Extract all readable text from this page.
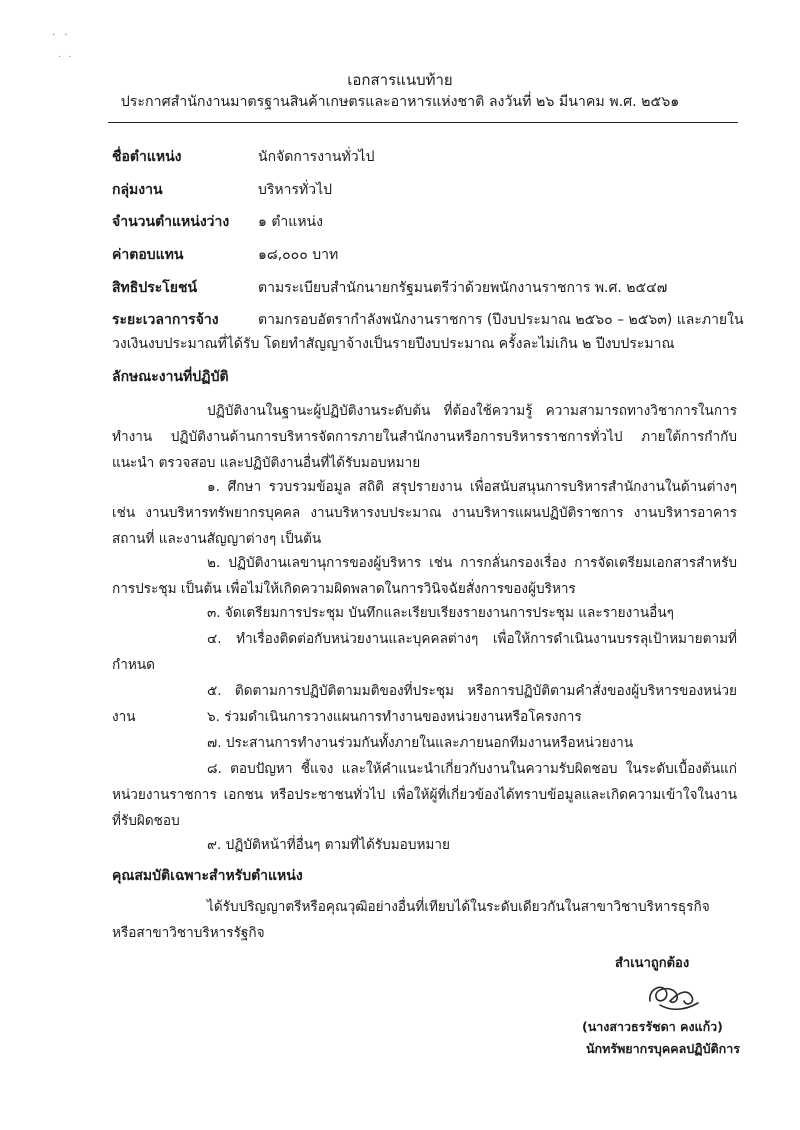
· ·
· ·
เอกสารแนบท้าย
ประกาศสำนักงานมาตรฐานสินค้าเกษตรและอาหารแห่งชาติ ลงวันที่ ๒๖ มีนาคม พ.ศ. ๒๕๖๑
ชื่อตำแหน่ง	นักจัดการงานทั่วไป
กลุ่มงาน	บริหารทั่วไป
จำนวนตำแหน่งว่าง ๑ ตำแหน่ง
ค่าตอบแทน	๑๘,๐๐๐ บาท
สิทธิประโยชน์	ตามระเบียบสำนักนายกรัฐมนตรีว่าด้วยพนักงานราชการ พ.ศ. ๒๕๔๗
ระยะเวลาการจ้าง	ตามกรอบอัตรากำลังพนักงานราชการ (ปีงบประมาณ ๒๕๖๐ – ๒๕๖๓) และภายใน
วงเงินงบประมาณที่ได้รับ โดยทำสัญญาจ้างเป็นรายปีงบประมาณ ครั้งละไม่เกิน ๒ ปีงบประมาณ
ลักษณะงานที่ปฏิบัติ
ปฏิบัติงานในฐานะผู้ปฏิบัติงานระดับต้น ที่ต้องใช้ความรู้ ความสามารถทางวิชาการในการทำงาน ปฏิบัติงานด้านการบริหารจัดการภายในสำนักงานหรือการบริหารราชการทั่วไป ภายใต้การกำกับ แนะนำ ตรวจสอบ และปฏิบัติงานอื่นที่ได้รับมอบหมาย
๑. ศึกษา รวบรวมข้อมูล สถิติ สรุปรายงาน เพื่อสนับสนุนการบริหารสำนักงานในด้านต่างๆ เช่น งานบริหารทรัพยากรบุคคล งานบริหารงบประมาณ งานบริหารแผนปฏิบัติราชการ งานบริหารอาคารสถานที่ และงานสัญญาต่างๆ เป็นต้น
๒. ปฏิบัติงานเลขานุการของผู้บริหาร เช่น การกลั่นกรองเรื่อง การจัดเตรียมเอกสารสำหรับการประชุม เป็นต้น เพื่อไม่ให้เกิดความผิดพลาดในการวินิจฉัยสั่งการของผู้บริหาร
๓. จัดเตรียมการประชุม บันทึกและเรียบเรียงรายงานการประชุม และรายงานอื่นๆ
๔. ทำเรื่องติดต่อกับหน่วยงานและบุคคลต่างๆ เพื่อให้การดำเนินงานบรรลุเป้าหมายตามที่กำหนด
๕. ติดตามการปฏิบัติตามมติของที่ประชุม หรือการปฏิบัติตามคำสั่งของผู้บริหารของหน่วยงาน	๖. ร่วมดำเนินการวางแผนการทำงานของหน่วยงานหรือโครงการ
๗. ประสานการทำงานร่วมกันทั้งภายในและภายนอกทีมงานหรือหน่วยงาน
๘. ตอบปัญหา ชี้แจง และให้คำแนะนำเกี่ยวกับงานในความรับผิดชอบ ในระดับเบื้องต้นแก่หน่วยงานราชการ เอกชน หรือประชาชนทั่วไป เพื่อให้ผู้ที่เกี่ยวข้องได้ทราบข้อมูลและเกิดความเข้าใจในงานที่รับผิดชอบ
๙. ปฏิบัติหน้าที่อื่นๆ ตามที่ได้รับมอบหมาย
คุณสมบัติเฉพาะสำหรับตำแหน่ง
ได้รับปริญญาตรีหรือคุณวุฒิอย่างอื่นที่เทียบได้ในระดับเดียวกันในสาขาวิชาบริหารธุรกิจ หรือสาขาวิชาบริหารรัฐกิจ
สำเนาถูกต้อง
(นางสาวธรรัชดา คงแก้ว)
นักทรัพยากรบุคคลปฏิบัติการ
